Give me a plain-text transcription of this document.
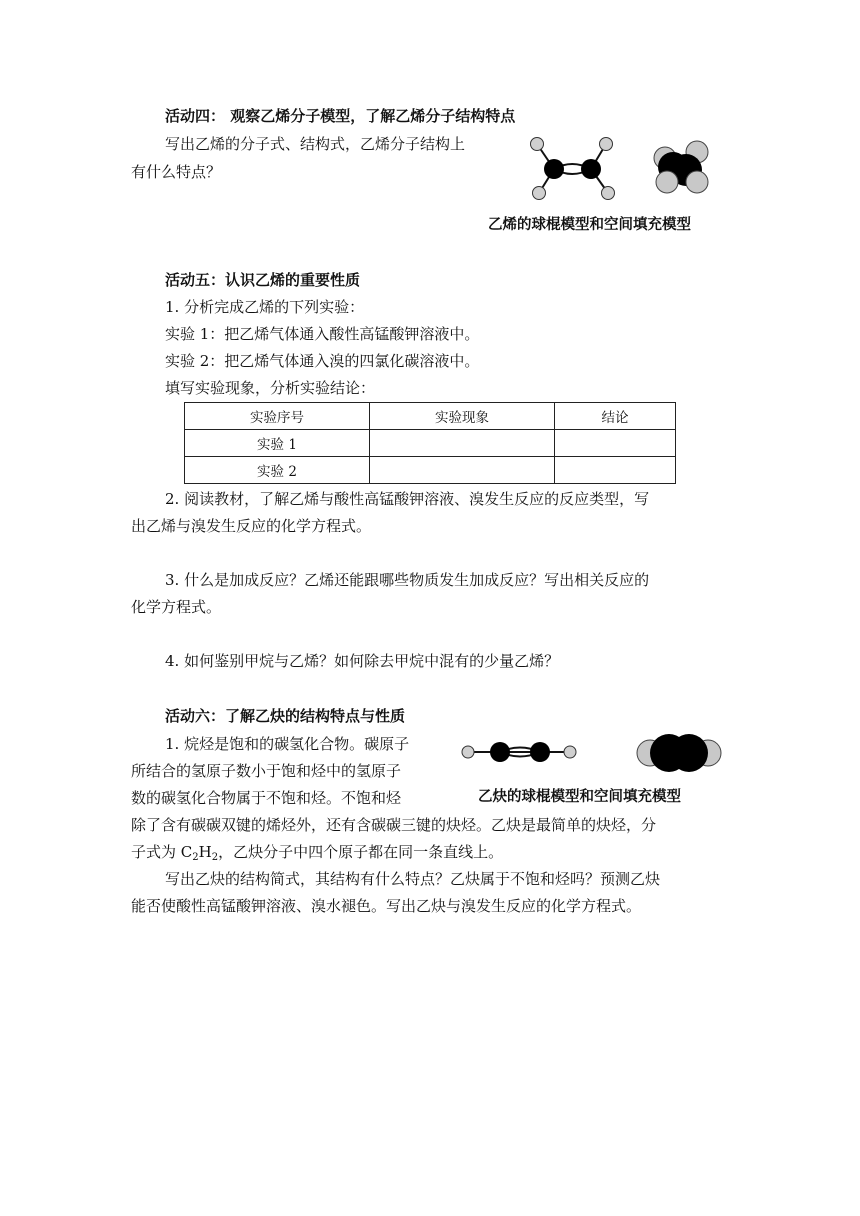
活动四： 观察乙烯分子模型，了解乙烯分子结构特点
写出乙烯的分子式、结构式，乙烯分子结构上
有什么特点？
乙烯的球棍模型和空间填充模型
活动五：认识乙烯的重要性质
1. 分析完成乙烯的下列实验：
实验 1：把乙烯气体通入酸性高锰酸钾溶液中。
实验 2：把乙烯气体通入溴的四氯化碳溶液中。
填写实验现象，分析实验结论：
实验序号	实验现象	结论
实验 1		
实验 2		
2. 阅读教材，了解乙烯与酸性高锰酸钾溶液、溴发生反应的反应类型，写
出乙烯与溴发生反应的化学方程式。
3. 什么是加成反应？乙烯还能跟哪些物质发生加成反应？写出相关反应的
化学方程式。
4. 如何鉴别甲烷与乙烯？如何除去甲烷中混有的少量乙烯？
活动六：了解乙炔的结构特点与性质
1. 烷烃是饱和的碳氢化合物。碳原子
所结合的氢原子数小于饱和烃中的氢原子
数的碳氢化合物属于不饱和烃。不饱和烃	乙炔的球棍模型和空间填充模型
除了含有碳碳双键的烯烃外，还有含碳碳三键的炔烃。乙炔是最简单的炔烃，分
子式为 $C_2H_2$，乙炔分子中四个原子都在同一条直线上。
写出乙炔的结构简式，其结构有什么特点？乙炔属于不饱和烃吗？预测乙炔
能否使酸性高锰酸钾溶液、溴水褪色。写出乙炔与溴发生反应的化学方程式。
